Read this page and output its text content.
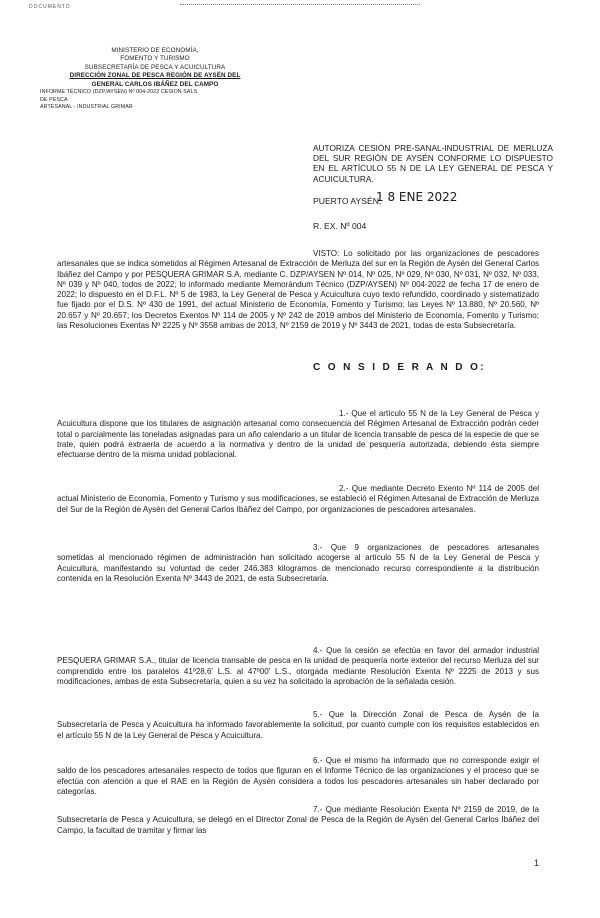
DOCUMENTO
MINISTERIO DE ECONOMÍA,
FOMENTO Y TURISMO
SUBSECRETARÍA DE PESCA Y ACUICULTURA
DIRECCIÓN ZONAL DE PESCA REGIÓN DE AYSÉN DEL
GENERAL CARLOS IBÁÑEZ DEL CAMPO
INFORME TÉCNICO (DZP/AYSEN) Nº 004-2022 CESION SALS
DE PESCA
ARTESANAL - INDUSTRIAL GRIMAR
AUTORIZA CESIÓN PRE-SANAL-INDUSTRIAL DE MERLUZA DEL SUR REGIÓN DE AYSÉN CONFORME LO DISPUESTO EN EL ARTÍCULO 55 N DE LA LEY GENERAL DE PESCA Y ACUICULTURA.
PUERTO AYSÉN,
1 8 ENE 2022
R. EX. Nº 004

VISTO: Lo solicitado por las organizaciones de pescadores artesanales que se indica sometidos al Régimen Artesanal de Extracción de Merluza del sur en la Región de Aysén del General Carlos Ibáñez del Campo y por PESQUERA GRIMAR S.A. mediante C. DZP/AYSEN Nº 014, Nº 025, Nº 029, Nº 030, Nº 031, Nº 032, Nº 033, Nº 039 y Nº 040, todos de 2022; lo informado mediante Memorándum Técnico (DZP/AYSEN) Nº 004-2022 de fecha 17 de enero de 2022; lo dispuesto en el D.F.L. Nº 5 de 1983, la Ley General de Pesca y Acuicultura cuyo texto refundido, coordinado y sistematizado fue fijado por el D.S. Nº 430 de 1991, del actual Ministerio de Economía, Fomento y Turismo; las Leyes Nº 13.880, Nº 20.560, Nº 20.657 y Nº 20.657; los Decretos Exentos Nº 114 de 2005 y Nº 242 de 2019 ambos del Ministerio de Economía, Fomento y Turismo; las Resoluciones Exentas Nº 2225 y Nº 3558 ambas de 2013, Nº 2159 de 2019 y Nº 3443 de 2021, todas de esta Subsecretaría.

C O N S I D E R A N D O:

1.- Que el artículo 55 N de la Ley General de Pesca y Acuicultura dispone que los titulares de asignación artesanal como consecuencia del Régimen Artesanal de Extracción podrán ceder total o parcialmente las toneladas asignadas para un año calendario a un titular de licencia transable de pesca de la especie de que se trate, quien podrá extraerla de acuerdo a la normativa y dentro de la unidad de pesquería autorizada, debiendo ésta siempre efectuarse dentro de la misma unidad poblacional.

2.- Que mediante Decreto Exento Nº 114 de 2005 del actual Ministerio de Economía, Fomento y Turismo y sus modificaciones, se estableció el Régimen Artesanal de Extracción de Merluza del Sur de la Región de Aysén del General Carlos Ibáñez del Campo, por organizaciones de pescadores artesanales.

3.- Que 9 organizaciones de pescadores artesanales sometidas al mencionado régimen de administración han solicitado acogerse al artículo 55 N de la Ley General de Pesca y Acuicultura, manifestando su voluntad de ceder 246.383 kilogramos de mencionado recurso correspondiente a la distribución contenida en la Resolución Exenta Nº 3443 de 2021, de esta Subsecretaría.

4.- Que la cesión se efectúa en favor del armador industrial PESQUERA GRIMAR S.A., titular de licencia transable de pesca en la unidad de pesquería norte exterior del recurso Merluza del sur comprendido entre los paralelos 41º28,6' L.S. al 47º00' L.S., otorgada mediante Resolución Exenta Nº 2225 de 2013 y sus modificaciones, ambas de esta Subsecretaría, quien a su vez ha solicitado la aprobación de la señalada cesión.

5.- Que la Dirección Zonal de Pesca de Aysén de la Subsecretaría de Pesca y Acuicultura ha informado favorablemente la solicitud, por cuanto cumple con los requisitos establecidos en el artículo 55 N de la Ley General de Pesca y Acuicultura.

6.- Que el mismo ha informado que no corresponde exigir el saldo de los pescadores artesanales respecto de todos que figuran en el Informe Técnico de las organizaciones y el proceso que se efectúa con atención a que el RAE en la Región de Aysén considera a todos los pescadores artesanales sin haber declarado por categorías.

7.- Que mediante Resolución Exenta Nº 2159 de 2019, de la Subsecretaría de Pesca y Acuicultura, se delegó en el Director Zonal de Pesca de la Región de Aysén del General Carlos Ibáñez del Campo, la facultad de tramitar y firmar las

1
